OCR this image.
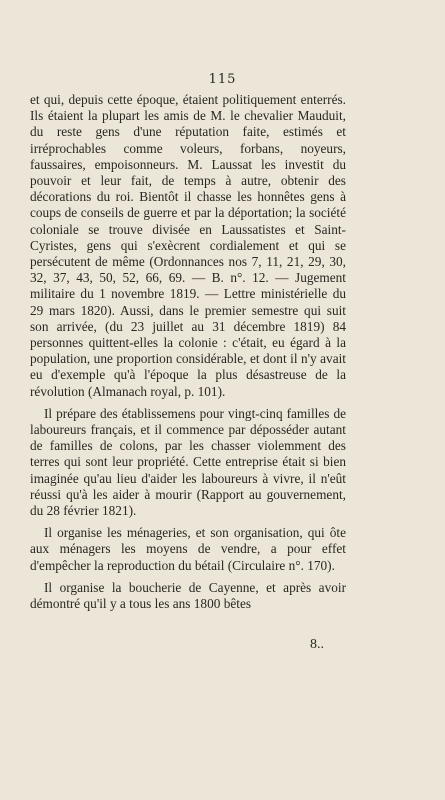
115

et qui, depuis cette époque, étaient politiquement enterrés. Ils étaient la plupart les amis de M. le chevalier Mauduit, du reste gens d'une réputation faite, estimés et irréprochables comme voleurs, forbans, noyeurs, faussaires, empoisonneurs. M. Laussat les investit du pouvoir et leur fait, de temps à autre, obtenir des décorations du roi. Bientôt il chasse les honnêtes gens à coups de conseils de guerre et par la déportation; la société coloniale se trouve divisée en Laussatistes et Saint-Cyristes, gens qui s'exècrent cordialement et qui se persécutent de même (Ordonnances nos 7, 11, 21, 29, 30, 32, 37, 43, 50, 52, 66, 69. — B. n°. 12. — Jugement militaire du 1 novembre 1819. — Lettre ministérielle du 29 mars 1820). Aussi, dans le premier semestre qui suit son arrivée, (du 23 juillet au 31 décembre 1819) 84 personnes quittent-elles la colonie : c'était, eu égard à la population, une proportion considérable, et dont il n'y avait eu d'exemple qu'à l'époque la plus désastreuse de la révolution (Almanach royal, p. 101).

Il prépare des établissemens pour vingt-cinq familles de laboureurs français, et il commence par déposséder autant de familles de colons, par les chasser violemment des terres qui sont leur propriété. Cette entreprise était si bien imaginée qu'au lieu d'aider les laboureurs à vivre, il n'eût réussi qu'à les aider à mourir (Rapport au gouvernement, du 28 février 1821).

Il organise les ménageries, et son organisation, qui ôte aux ménagers les moyens de vendre, a pour effet d'empêcher la reproduction du bétail (Circulaire n°. 170).

Il organise la boucherie de Cayenne, et après avoir démontré qu'il y a tous les ans 1800 bêtes

8..
